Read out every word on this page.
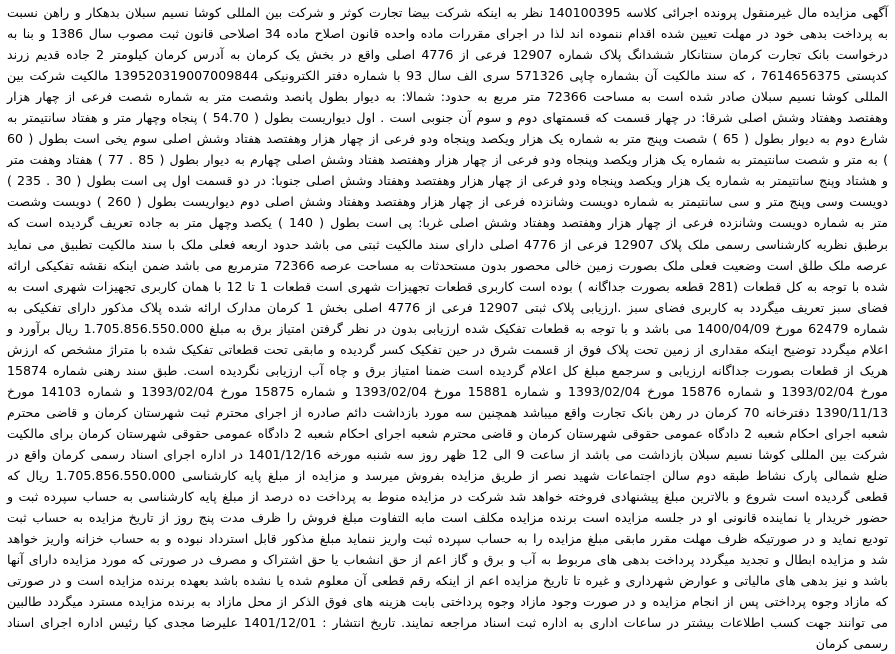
آگهی مزایده مال غیرمنقول پرونده اجرائی کلاسه 140100395 نظر به اینکه شرکت بیضا تجارت کوثر و شرکت بین المللی کوشا نسیم سبلان بدهکار و راهن نسبت به پرداخت بدهی خود در مهلت تعیین شده اقدام ننموده اند لذا در اجرای مقررات ماده واحده قانون اصلاح ماده 34 اصلاحی قانون ثبت مصوب سال 1386 و بنا به درخواست بانک تجارت کرمان سنتانکار ششدانگ پلاک شماره 12907 فرعی از 4776 اصلی واقع در بخش یک کرمان به آدرس کرمان کیلومتر 2 جاده قدیم زرند کدپستی 7614656375 ، که سند مالکیت آن بشماره چاپی 571326 سری الف سال 93 با شماره دفتر الکترونیکی 139520319007009844 مالکیت شرکت بین المللی کوشا نسیم سبلان صادر شده است به مساحت 72366 متر مربع به حدود: شمالا: به دیوار بطول پانصد وشصت متر به شماره شصت فرعی از چهار هزار وهفتصد وهفتاد وشش اصلی شرقا: در چهار قسمت که قسمتهای دوم و سوم آن جنوبی است . اول دیواریست بطول ( 54.70 ) پنجاه وچهار متر و هفتاد سانتیمتر به شارع دوم به دیوار بطول ( 65 ) شصت وپنج متر به شماره یک هزار ویکصد وپنجاه ودو فرعی از چهار هزار وهفتصد هفتاد وشش اصلی سوم یخی است بطول ( 60 ) به متر و شصت سانتیمتر به شماره یک هزار ویکصد وپنجاه ودو فرعی از چهار هزار وهفتصد هفتاد وشش اصلی چهارم به دیوار بطول ( 85 . 77 ) هفتاد وهفت متر و هشتاد وپنج سانتیمتر به شماره یک هزار ویکصد وپنجاه ودو فرعی از چهار هزار وهفتصد وهفتاد وشش اصلی جنوبا: در دو قسمت اول پی است بطول ( 30 . 235 ) دویست وسی وپنج متر و سی سانتیمتر به شماره دویست وشانزده فرعی از چهار هزار وهفتصد وهفتاد وشش اصلی دوم دیواریست بطول ( 260 ) دویست وشصت متر به شماره دویست وشانزده فرعی از چهار هزار وهفتصد وهفتاد وشش اصلی غربا: پی است بطول ( 140 ) یکصد وچهل متر به جاده تعریف گردیده است که برطبق نظریه کارشناسی رسمی ملک پلاک 12907 فرعی از 4776 اصلی دارای سند مالکیت ثبتی می باشد حدود اربعه فعلی ملک با سند مالکیت تطبیق می نماید عرصه ملک طلق است وضعیت فعلی ملک بصورت زمین خالی محصور بدون مستحدثات به مساحت عرصه 72366 مترمربع می باشد ضمن اینکه نقشه تفکیکی ارائه شده با توجه به کل قطعات (281 قطعه بصورت جداگانه ) بوده است کاربری قطعات تجهیزات شهری است قطعات 1 تا 12 با همان کاربری تجهیزات شهری است به فضای سبز تعریف میگردد به کاربری فضای سبز .ارزیابی پلاک ثبتی 12907 فرعی از 4776 اصلی بخش 1 کرمان مدارک ارائه شده پلاک مذکور دارای تفکیکی به شماره 62479 مورخ 1400/04/09 می باشد و با توجه به قطعات تفکیک شده ارزیابی بدون در نظر گرفتن امتیاز برق به مبلغ 1.705.856.550.000 ریال برآورد و اعلام میگردد توضیح اینکه مقداری از زمین تحت پلاک فوق از قسمت شرق در حین تفکیک کسر گردیده و مابقی تحت قطعاتی تفکیک شده با متراژ مشخص که ارزش هریک از قطعات بصورت جداگانه ارزیابی و سرجمع مبلغ کل اعلام گردیده است ضمنا امتیاز برق و چاه آب ارزیابی نگردیده است. طبق سند رهنی شماره 15874 مورخ 1393/02/04 و شماره 15876 مورخ 1393/02/04 و شماره 15881 مورخ 1393/02/04 و شماره 15875 مورخ 1393/02/04 و شماره 14103 مورخ 1390/11/13 دفترخانه 70 کرمان در رهن بانک تجارت واقع میباشد همچنین سه مورد بازداشت دائم صادره از اجرای محترم ثبت شهرستان کرمان و قاضی محترم شعبه اجرای احکام شعبه 2 دادگاه عمومی حقوقی شهرستان کرمان و قاضی محترم شعبه اجرای احکام شعبه 2 دادگاه عمومی حقوقی شهرستان کرمان برای مالکیت شرکت بین المللی کوشا نسیم سبلان بازداشت می باشد از ساعت 9 الی 12 ظهر روز سه شنبه مورخه 1401/12/16 در اداره اجرای اسناد رسمی کرمان واقع در ضلع شمالی پارک نشاط طبقه دوم سالن اجتماعات شهید نصر از طریق مزایده بفروش میرسد و مزایده از مبلغ پایه کارشناسی 1.705.856.550.000 ریال که قطعی گردیده است شروع و بالاترین مبلغ پیشنهادی فروخته خواهد شد شرکت در مزایده منوط به پرداخت ده درصد از مبلغ پایه کارشناسی به حساب سپرده ثبت و حضور خریدار یا نماینده قانونی او در جلسه مزایده است برنده مزایده مکلف است مابه التفاوت مبلغ فروش را ظرف مدت پنج روز از تاریخ مزایده به حساب ثبت تودیع نماید و در صورتیکه ظرف مهلت مقرر مابقی مبلغ مزایده را به حساب سپرده ثبت واریز ننماید مبلغ مذکور قابل استرداد نبوده و به حساب خزانه واریز خواهد شد و مزایده ابطال و تجدید میگردد پرداخت بدهی های مربوط به آب و برق و گاز اعم از حق انشعاب یا حق اشتراک و مصرف در صورتی که مورد مزایده دارای آنها باشد و نیز بدهی های مالیاتی و عوارض شهرداری و غیره تا تاریخ مزایده اعم از اینکه رقم قطعی آن معلوم شده یا نشده باشد بعهده برنده مزایده است و در صورتی که مازاد وجوه پرداختی پس از انجام مزایده و در صورت وجود مازاد وجوه پرداختی بابت هزینه های فوق الذکر از محل مازاد به برنده مزایده مسترد میگردد طالبین می توانند جهت کسب اطلاعات بیشتر در ساعات اداری به اداره ثبت اسناد مراجعه نمایند. تاریخ انتشار : 1401/12/01 علیرضا مجدی کیا رئیس اداره اجرای اسناد رسمی کرمان
